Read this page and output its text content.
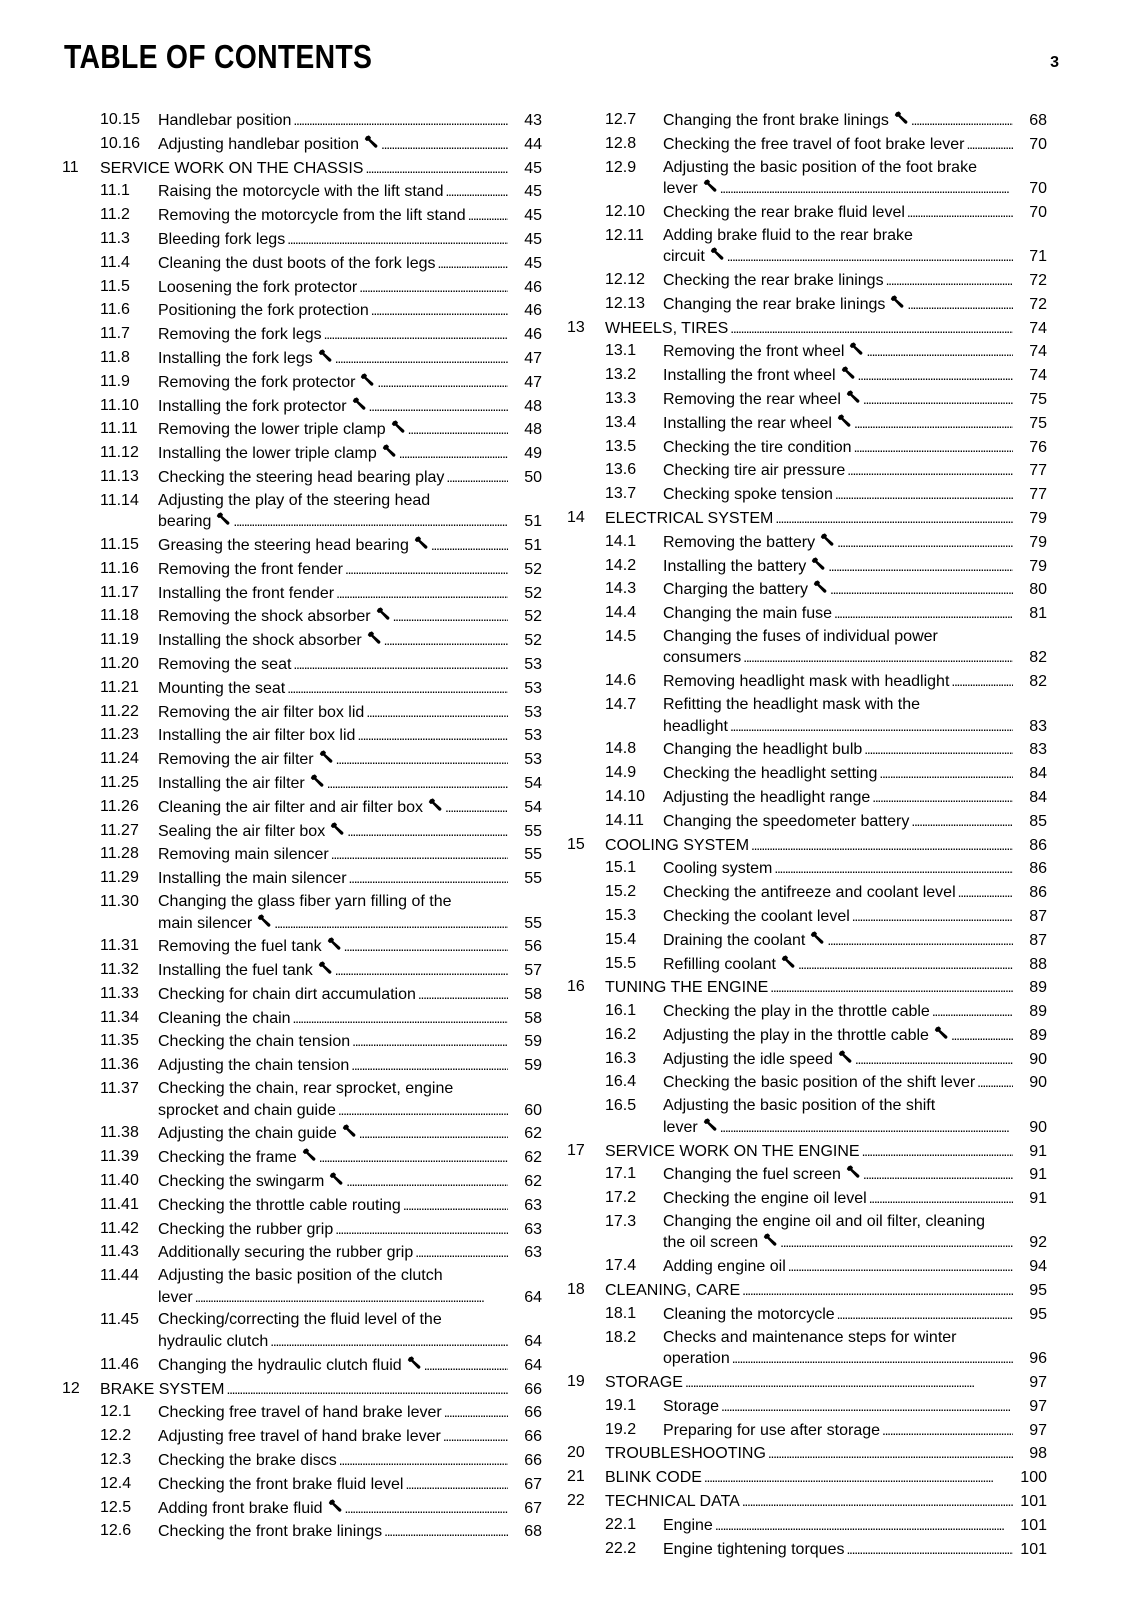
TABLE OF CONTENTS	3
10.15 Handlebar position . . .	43
10.16 Adjusting handlebar position . . .	44
11 SERVICE WORK ON THE CHASSIS . . .	45
11.1 Raising the motorcycle with the lift stand . . .	45
11.2 Removing the motorcycle from the lift stand . . .	45
11.3 Bleeding fork legs . . .	45
11.4 Cleaning the dust boots of the fork legs . . .	45
11.5 Loosening the fork protector . . .	46
11.6 Positioning the fork protection . . .	46
11.7 Removing the fork legs . . .	46
11.8 Installing the fork legs . . .	47
11.9 Removing the fork protector . . .	47
11.10 Installing the fork protector . . .	48
11.11 Removing the lower triple clamp . . .	48
11.12 Installing the lower triple clamp . . .	49
11.13 Checking the steering head bearing play . . .	50
11.14 Adjusting the play of the steering head
bearing . . .	51
11.15 Greasing the steering head bearing . . .	51
11.16 Removing the front fender . . .	52
11.17 Installing the front fender . . .	52
11.18 Removing the shock absorber . . .	52
11.19 Installing the shock absorber . . .	52
11.20 Removing the seat . . .	53
11.21 Mounting the seat . . .	53
11.22 Removing the air filter box lid . . .	53
11.23 Installing the air filter box lid . . .	53
11.24 Removing the air filter . . .	53
11.25 Installing the air filter . . .	54
11.26 Cleaning the air filter and air filter box . . .	54
11.27 Sealing the air filter box . . .	55
11.28 Removing main silencer . . .	55
11.29 Installing the main silencer . . .	55
11.30 Changing the glass fiber yarn filling of the
main silencer . . .	55
11.31 Removing the fuel tank . . .	56
11.32 Installing the fuel tank . . .	57
11.33 Checking for chain dirt accumulation . . .	58
11.34 Cleaning the chain . . .	58
11.35 Checking the chain tension . . .	59
11.36 Adjusting the chain tension . . .	59
11.37 Checking the chain, rear sprocket, engine
sprocket and chain guide . . .	60
11.38 Adjusting the chain guide . . .	62
11.39 Checking the frame . . .	62
11.40 Checking the swingarm . . .	62
11.41 Checking the throttle cable routing . . .	63
11.42 Checking the rubber grip . . .	63
11.43 Additionally securing the rubber grip . . .	63
11.44 Adjusting the basic position of the clutch
lever . . .	64
11.45 Checking/correcting the fluid level of the
hydraulic clutch . . .	64
11.46 Changing the hydraulic clutch fluid . . .	64
12 BRAKE SYSTEM . . .	66
12.1 Checking free travel of hand brake lever . . .	66
12.2 Adjusting free travel of hand brake lever . . .	66
12.3 Checking the brake discs . . .	66
12.4 Checking the front brake fluid level . . .	67
12.5 Adding front brake fluid . . .	67
12.6 Checking the front brake linings . . .	68
12.7 Changing the front brake linings . . .	68
12.8 Checking the free travel of foot brake lever . . .	70
12.9 Adjusting the basic position of the foot brake
lever . . .	70
12.10 Checking the rear brake fluid level . . .	70
12.11 Adding brake fluid to the rear brake
circuit . . .	71
12.12 Checking the rear brake linings . . .	72
12.13 Changing the rear brake linings . . .	72
13 WHEELS, TIRES . . .	74
13.1 Removing the front wheel . . .	74
13.2 Installing the front wheel . . .	74
13.3 Removing the rear wheel . . .	75
13.4 Installing the rear wheel . . .	75
13.5 Checking the tire condition . . .	76
13.6 Checking tire air pressure . . .	77
13.7 Checking spoke tension . . .	77
14 ELECTRICAL SYSTEM . . .	79
14.1 Removing the battery . . .	79
14.2 Installing the battery . . .	79
14.3 Charging the battery . . .	80
14.4 Changing the main fuse . . .	81
14.5 Changing the fuses of individual power
consumers . . .	82
14.6 Removing headlight mask with headlight . . .	82
14.7 Refitting the headlight mask with the
headlight . . .	83
14.8 Changing the headlight bulb . . .	83
14.9 Checking the headlight setting . . .	84
14.10 Adjusting the headlight range . . .	84
14.11 Changing the speedometer battery . . .	85
15 COOLING SYSTEM . . .	86
15.1 Cooling system . . .	86
15.2 Checking the antifreeze and coolant level . . .	86
15.3 Checking the coolant level . . .	87
15.4 Draining the coolant . . .	87
15.5 Refilling coolant . . .	88
16 TUNING THE ENGINE . . .	89
16.1 Checking the play in the throttle cable . . .	89
16.2 Adjusting the play in the throttle cable . . .	89
16.3 Adjusting the idle speed . . .	90
16.4 Checking the basic position of the shift lever . . .	90
16.5 Adjusting the basic position of the shift
lever . . .	90
17 SERVICE WORK ON THE ENGINE . . .	91
17.1 Changing the fuel screen . . .	91
17.2 Checking the engine oil level . . .	91
17.3 Changing the engine oil and oil filter, cleaning
the oil screen . . .	92
17.4 Adding engine oil . . .	94
18 CLEANING, CARE . . .	95
18.1 Cleaning the motorcycle . . .	95
18.2 Checks and maintenance steps for winter
operation . . .	96
19 STORAGE . . .	97
19.1 Storage . . .	97
19.2 Preparing for use after storage . . .	97
20 TROUBLESHOOTING . . .	98
21 BLINK CODE . . .	100
22 TECHNICAL DATA . . .	101
22.1 Engine . . .	101
22.2 Engine tightening torques . . .	101
